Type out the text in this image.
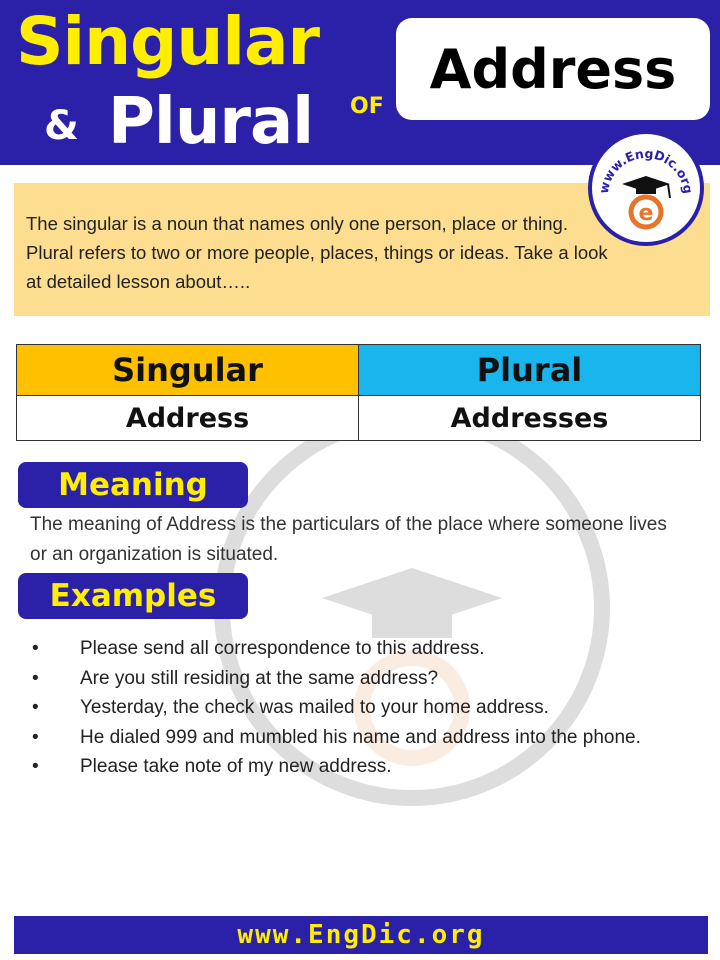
Singular
& Plural OF
Address
www.EngDic.org
e
The singular is a noun that names only one person, place or thing. Plural refers to two or more people, places, things or ideas. Take a look at detailed lesson about…..
Singular	Plural
Address	Addresses
Meaning
The meaning of Address is the particulars of the place where someone lives or an organization is situated.
Examples
• Please send all correspondence to this address.
• Are you still residing at the same address?
• Yesterday, the check was mailed to your home address.
• He dialed 999 and mumbled his name and address into the phone.
• Please take note of my new address.
www.EngDic.org
